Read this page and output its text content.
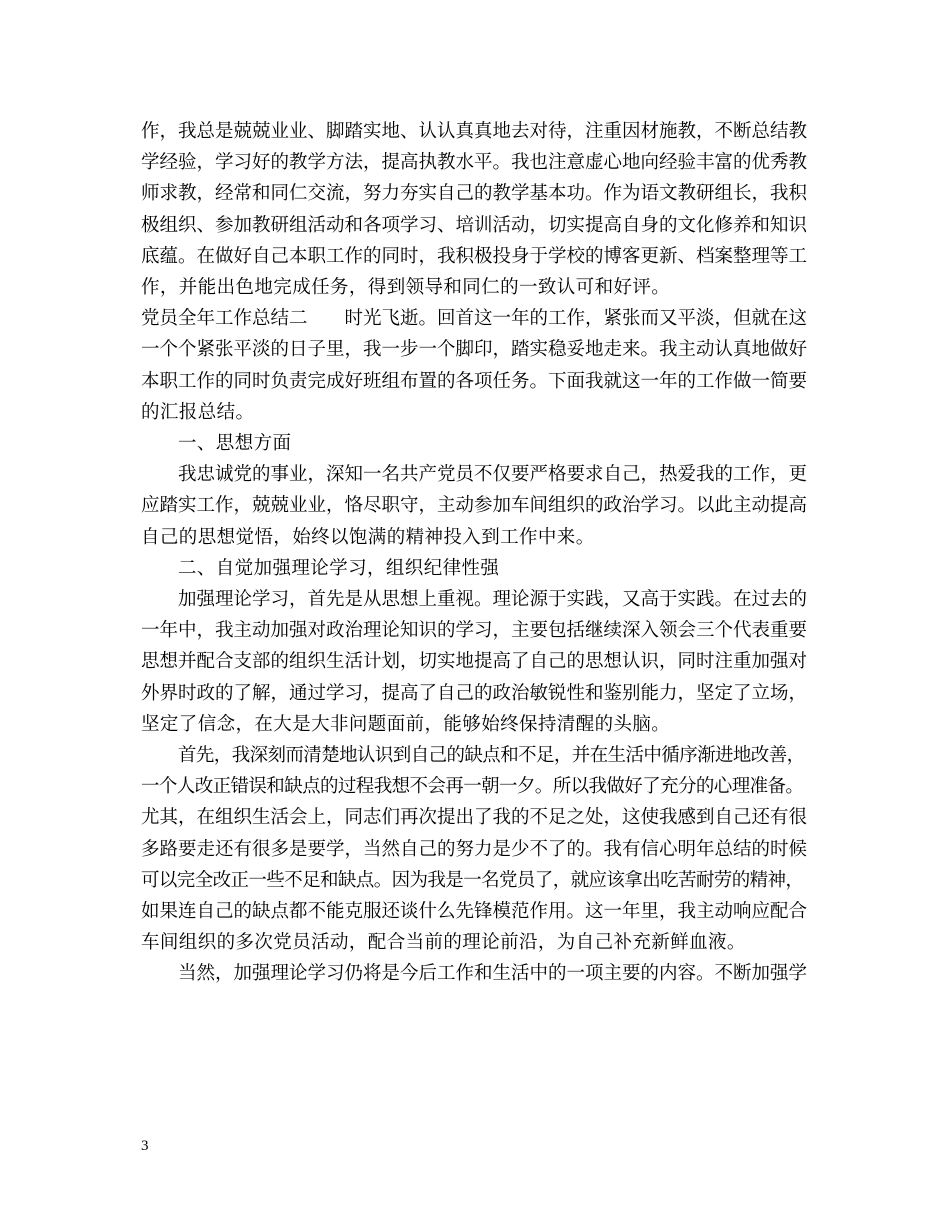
作，我总是兢兢业业、脚踏实地、认认真真地去对待，注重因材施教，不断总结教

学经验，学习好的教学方法，提高执教水平。我也注意虚心地向经验丰富的优秀教

师求教，经常和同仁交流，努力夯实自己的教学基本功。作为语文教研组长，我积

极组织、参加教研组活动和各项学习、培训活动，切实提高自身的文化修养和知识

底蕴。在做好自己本职工作的同时，我积极投身于学校的博客更新、档案整理等工

作，并能出色地完成任务，得到领导和同仁的一致认可和好评。

党员全年工作总结二　　时光飞逝。回首这一年的工作，紧张而又平淡，但就在这

一个个紧张平淡的日子里，我一步一个脚印，踏实稳妥地走来。我主动认真地做好

本职工作的同时负责完成好班组布置的各项任务。下面我就这一年的工作做一简要

的汇报总结。

一、思想方面

我忠诚党的事业，深知一名共产党员不仅要严格要求自己，热爱我的工作，更

应踏实工作，兢兢业业，恪尽职守，主动参加车间组织的政治学习。以此主动提高

自己的思想觉悟，始终以饱满的精神投入到工作中来。

二、自觉加强理论学习，组织纪律性强

加强理论学习，首先是从思想上重视。理论源于实践，又高于实践。在过去的

一年中，我主动加强对政治理论知识的学习，主要包括继续深入领会三个代表重要

思想并配合支部的组织生活计划，切实地提高了自己的思想认识，同时注重加强对

外界时政的了解，通过学习，提高了自己的政治敏锐性和鉴别能力，坚定了立场，

坚定了信念，在大是大非问题面前，能够始终保持清醒的头脑。

首先，我深刻而清楚地认识到自己的缺点和不足，并在生活中循序渐进地改善，

一个人改正错误和缺点的过程我想不会再一朝一夕。所以我做好了充分的心理准备。

尤其，在组织生活会上，同志们再次提出了我的不足之处，这使我感到自己还有很

多路要走还有很多是要学，当然自己的努力是少不了的。我有信心明年总结的时候

可以完全改正一些不足和缺点。因为我是一名党员了，就应该拿出吃苦耐劳的精神，

如果连自己的缺点都不能克服还谈什么先锋模范作用。这一年里，我主动响应配合

车间组织的多次党员活动，配合当前的理论前沿，为自己补充新鲜血液。

当然，加强理论学习仍将是今后工作和生活中的一项主要的内容。不断加强学

3
